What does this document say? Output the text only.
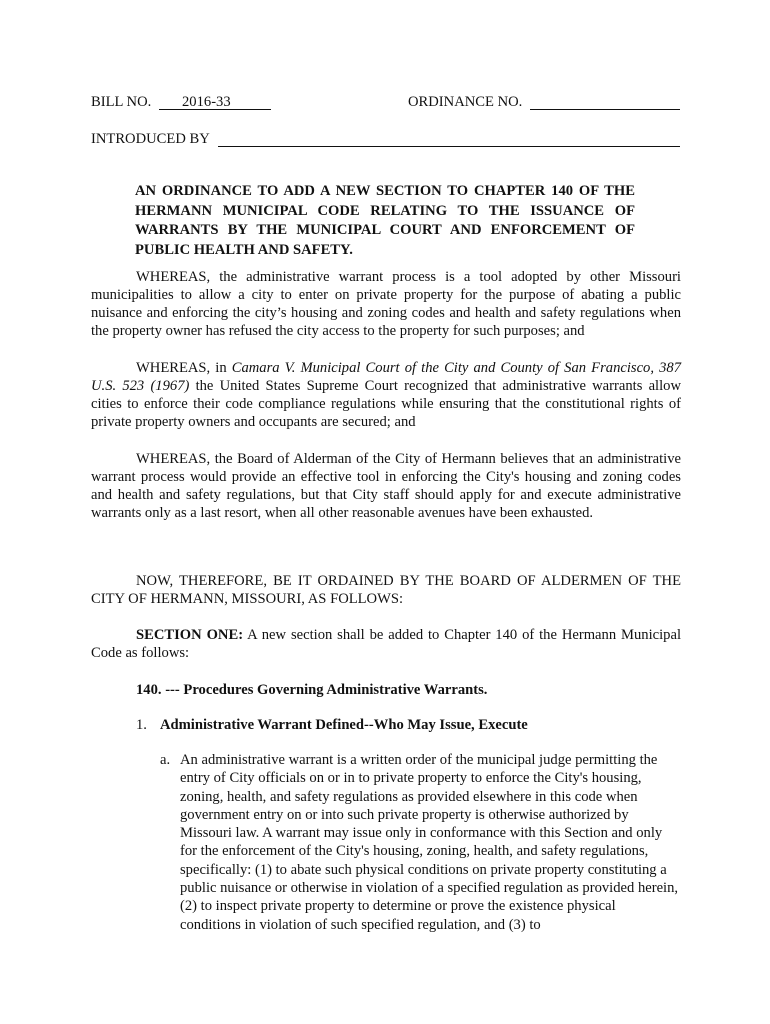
BILL NO. 2016-33	ORDINANCE NO.
INTRODUCED BY
AN ORDINANCE TO ADD A NEW SECTION TO CHAPTER 140 OF THE HERMANN MUNICIPAL CODE RELATING TO THE ISSUANCE OF WARRANTS BY THE MUNICIPAL COURT AND ENFORCEMENT OF PUBLIC HEALTH AND SAFETY.
WHEREAS, the administrative warrant process is a tool adopted by other Missouri municipalities to allow a city to enter on private property for the purpose of abating a public nuisance and enforcing the city’s housing and zoning codes and health and safety regulations when the property owner has refused the city access to the property for such purposes; and
WHEREAS, in Camara V. Municipal Court of the City and County of San Francisco, 387 U.S. 523 (1967) the United States Supreme Court recognized that administrative warrants allow cities to enforce their code compliance regulations while ensuring that the constitutional rights of private property owners and occupants are secured; and
WHEREAS, the Board of Alderman of the City of Hermann believes that an administrative warrant process would provide an effective tool in enforcing the City's housing and zoning codes and health and safety regulations, but that City staff should apply for and execute administrative warrants only as a last resort, when all other reasonable avenues have been exhausted.
NOW, THEREFORE, BE IT ORDAINED BY THE BOARD OF ALDERMEN OF THE CITY OF HERMANN, MISSOURI, AS FOLLOWS:
SECTION ONE: A new section shall be added to Chapter 140 of the Hermann Municipal Code as follows:
140. --- Procedures Governing Administrative Warrants.
1. Administrative Warrant Defined--Who May Issue, Execute
a. An administrative warrant is a written order of the municipal judge permitting the entry of City officials on or in to private property to enforce the City's housing, zoning, health, and safety regulations as provided elsewhere in this code when government entry on or into such private property is otherwise authorized by Missouri law. A warrant may issue only in conformance with this Section and only for the enforcement of the City's housing, zoning, health, and safety regulations, specifically: (1) to abate such physical conditions on private property constituting a public nuisance or otherwise in violation of a specified regulation as provided herein, (2) to inspect private property to determine or prove the existence physical conditions in violation of such specified regulation, and (3) to
